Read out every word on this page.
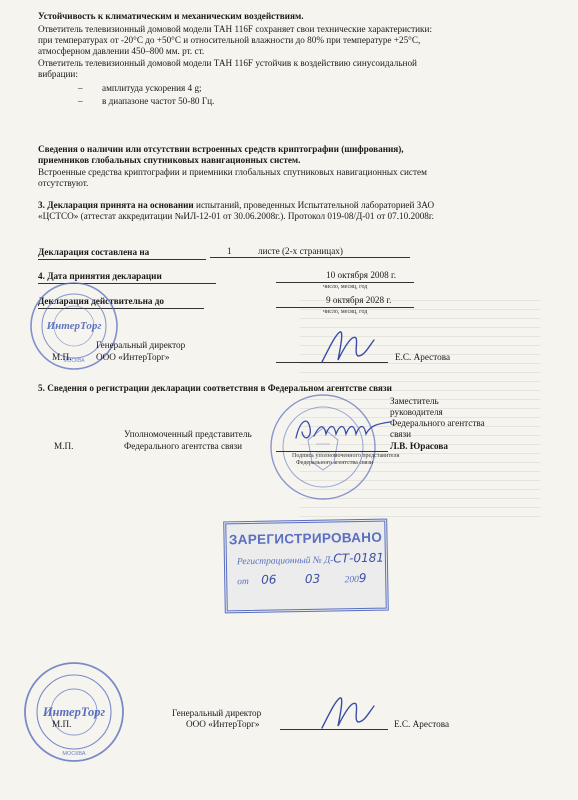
Устойчивость к климатическим и механическим воздействиям.
Ответитель телевизионный домовой модели ТАН 116F сохраняет свои технические характеристики:
при температурах от -20°С до +50°С и относительной влажности до 80% при температуре +25°С,
атмосферном давлении 450–800 мм. рт. ст.
Ответитель телевизионный домовой модели ТАН 116F устойчив к воздействию синусоидальной
вибрации:
– амплитуда ускорения 4 g;
– в диапазоне частот 50-80 Гц.
Сведения о наличии или отсутствии встроенных средств криптографии (шифрования),
приемников глобальных спутниковых навигационных систем.
Встроенные средства криптографии и приемники глобальных спутниковых навигационных систем
отсутствуют.
3. Декларация принята на основании испытаний, проведенных Испытательной лабораторией ЗАО
«ЦСТСО» (аттестат аккредитации №ИЛ-12-01 от 30.06.2008г.). Протокол 019-08/Д-01 от 07.10.2008г.
Декларация составлена на	1	листе (2-х страницах)
4. Дата принятия декларации	10 октября 2008 г.
число, месяц, год
Декларация действительна до	9 октября 2028 г.
число, месяц, год
ИнтерТорг
МОСКВА
Генеральный директор
М.П.	ООО «ИнтерТорг»	Е.С. Арестова
5. Сведения о регистрации декларации соответствия в Федеральном агентстве связи
Заместитель
руководителя
Федерального агентства
связи
Уполномоченный представитель
М.П.	Федерального агентства связи	Л.В. Юрасова
Подпись уполномоченного представителя
Федерального агентства связи
ЗАРЕГИСТРИРОВАНО
Регистрационный № Д-СТ-0181
от 06 03	2009
ИнтерТорг
МОСКВА
Генеральный директор
М.П.	ООО «ИнтерТорг»	Е.С. Арестова
